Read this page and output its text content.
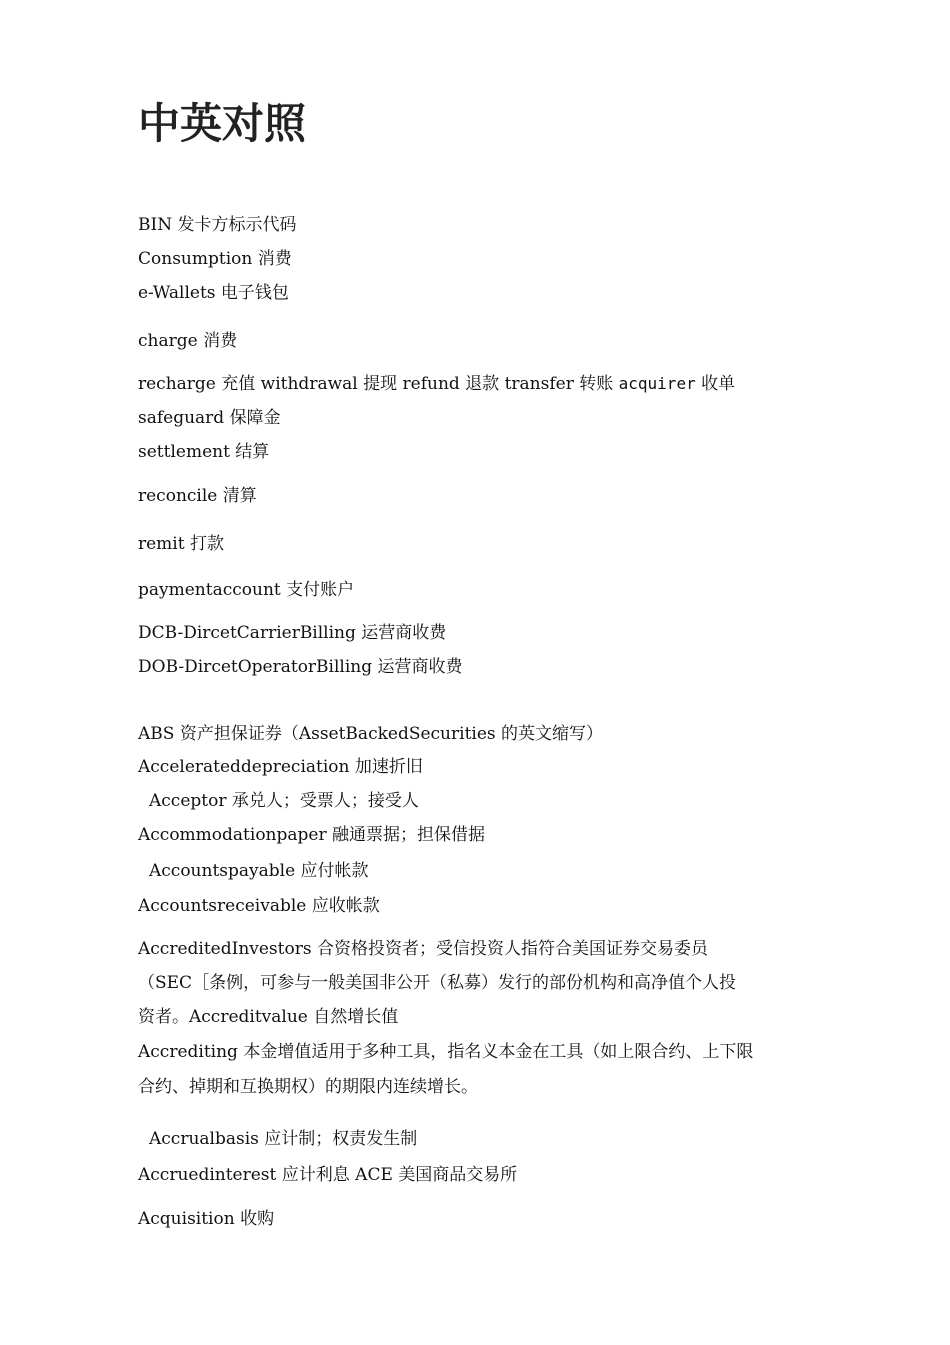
中英对照

BIN 发卡方标示代码

Consumption 消费

e-Wallets 电子钱包

charge 消费

recharge 充值 withdrawal 提现 refund 退款 transfer 转账 acquirer 收单

safeguard 保障金

settlement 结算

reconcile 清算

remit 打款

paymentaccount 支付账户

DCB-DircetCarrierBilling 运营商收费

DOB-DircetOperatorBilling 运营商收费

ABS 资产担保证券（AssetBackedSecurities 的英文缩写）

Accelerateddepreciation 加速折旧

Acceptor 承兑人；受票人；接受人

Accommodationpaper 融通票据；担保借据

Accountspayable 应付帐款

Accountsreceivable 应收帐款

AccreditedInvestors 合资格投资者；受信投资人指符合美国证券交易委员

（SEC［条例，可参与一般美国非公开（私募）发行的部份机构和高净值个人投

资者。Accreditvalue 自然增长值

Accrediting 本金增值适用于多种工具，指名义本金在工具（如上限合约、上下限

合约、掉期和互换期权）的期限内连续增长。

Accrualbasis 应计制；权责发生制

Accruedinterest 应计利息 ACE 美国商品交易所

Acquisition 收购
